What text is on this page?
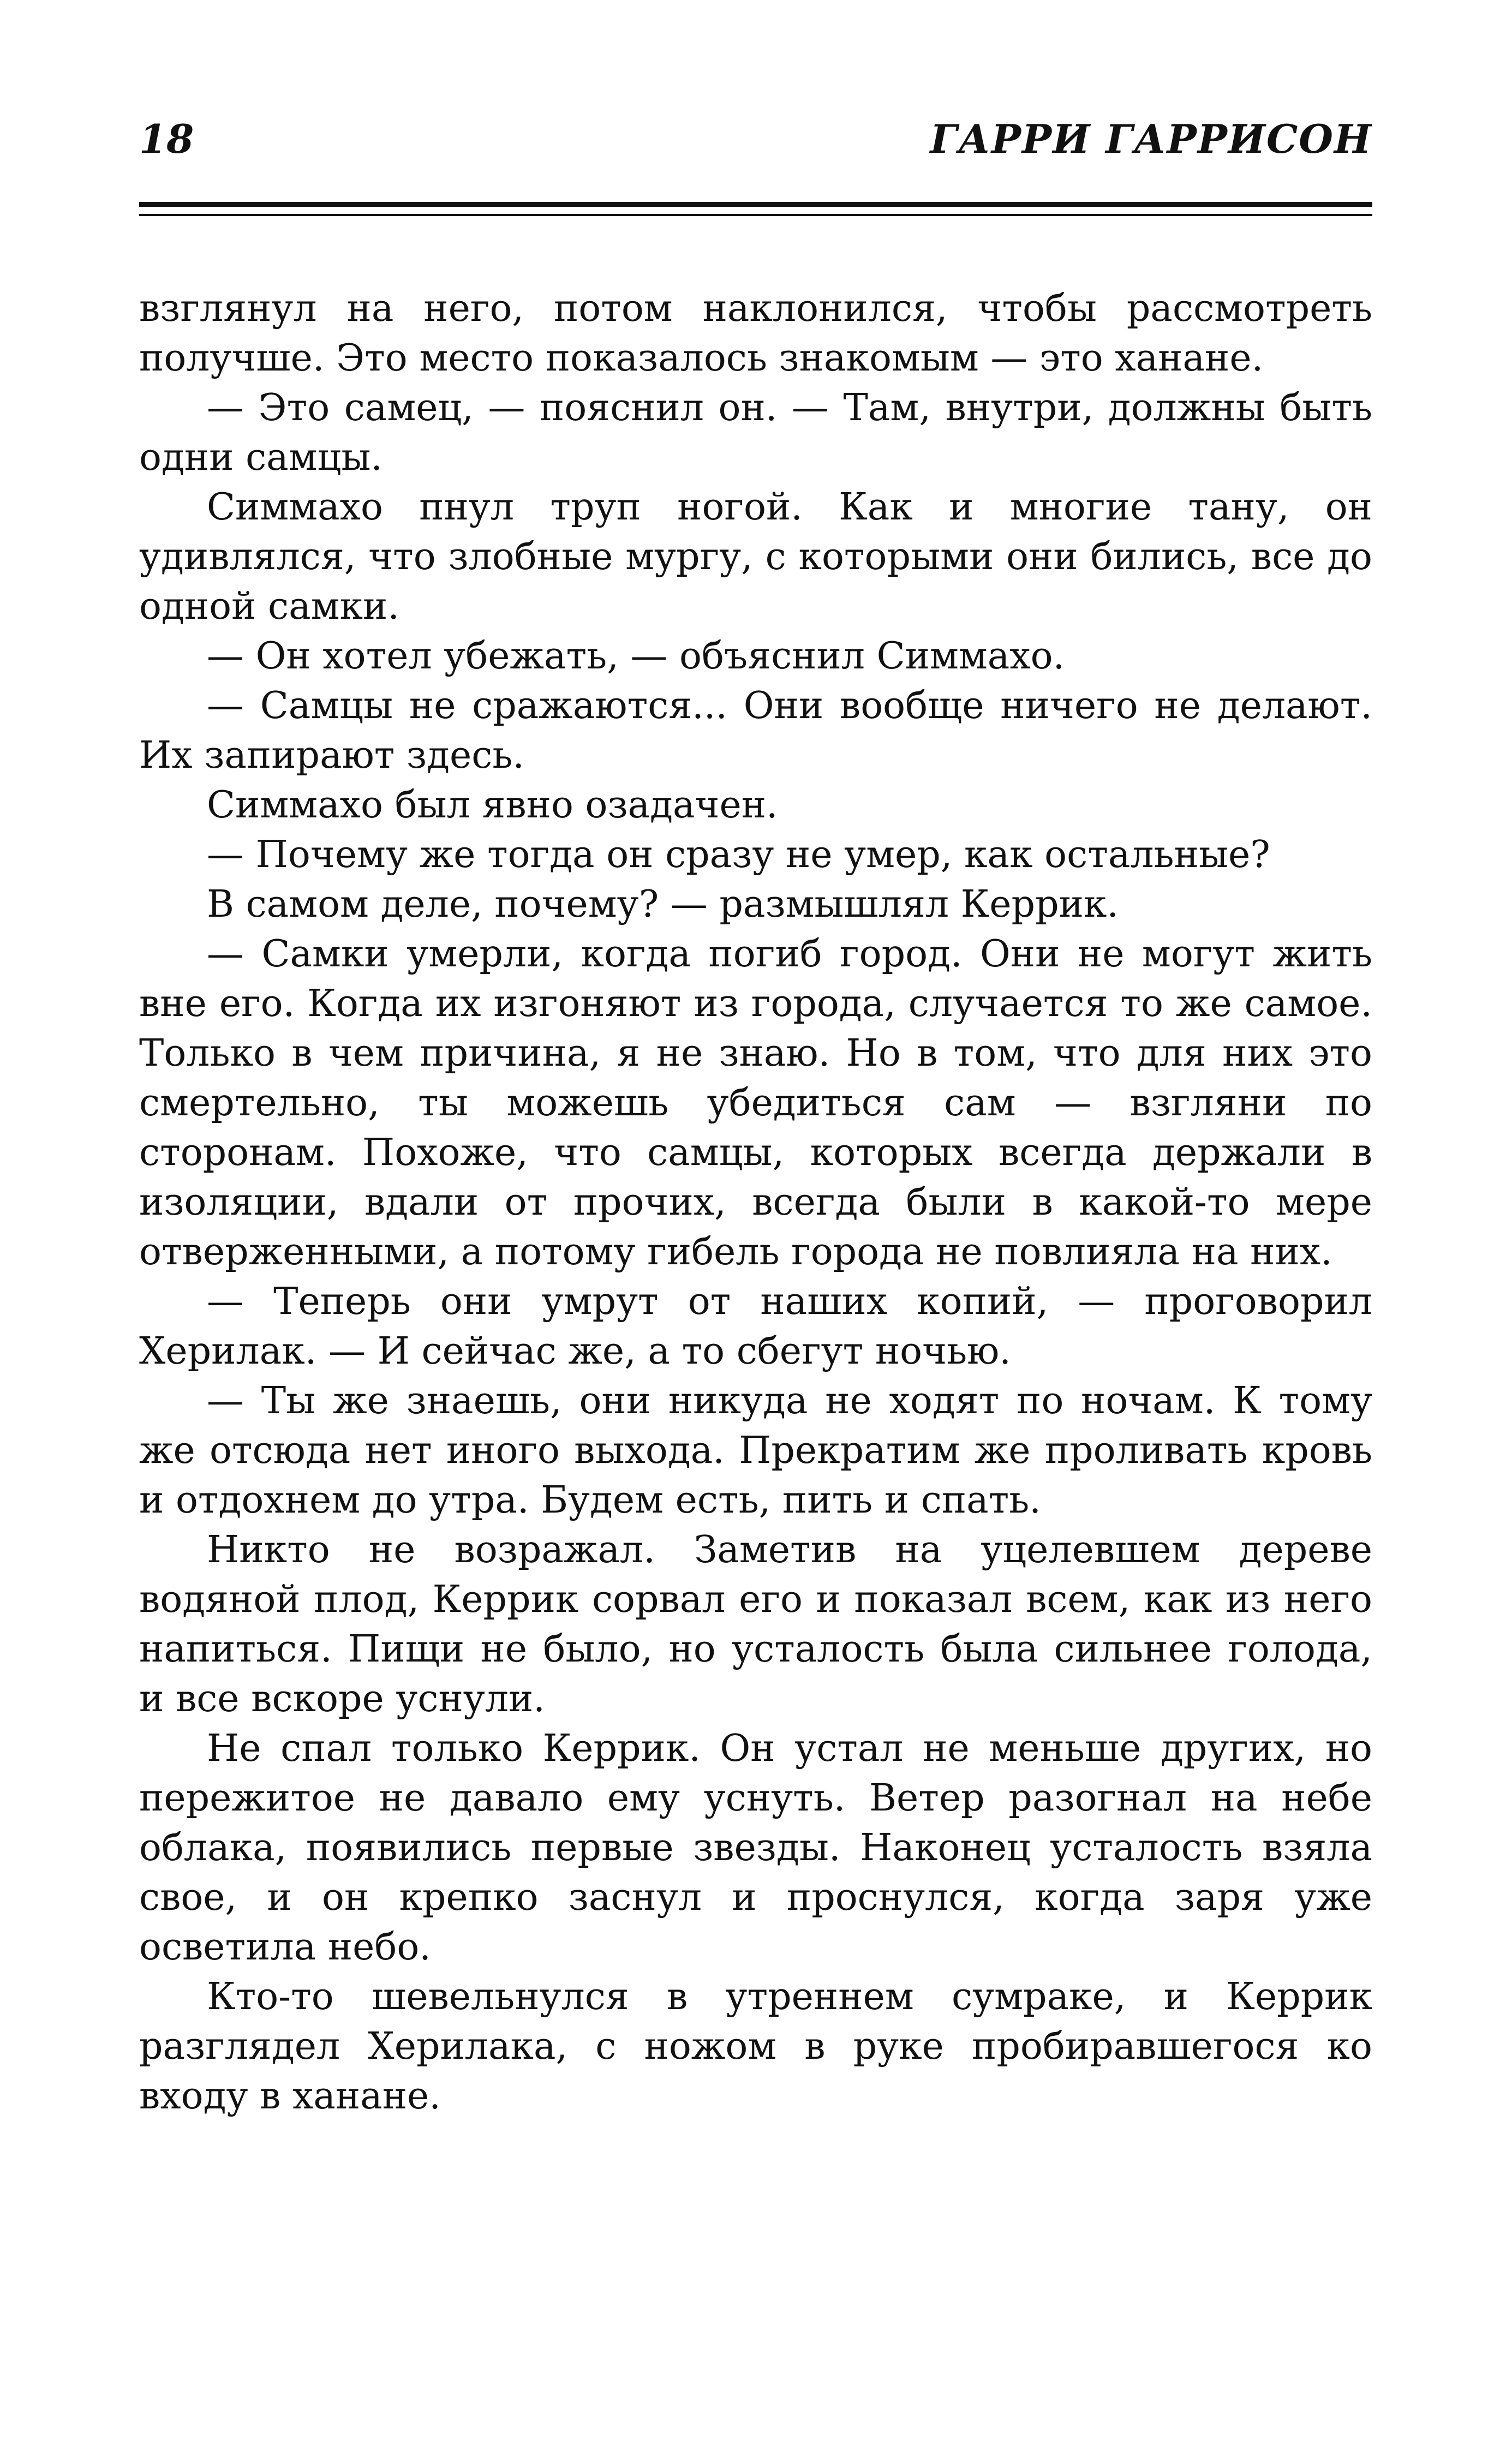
18	ГАРРИ ГАРРИСОН

взглянул на него, потом наклонился, чтобы рассмотреть получше. Это место показалось знакомым — это ханане.

— Это самец, — пояснил он. — Там, внутри, должны быть одни самцы.

Симмахо пнул труп ногой. Как и многие тану, он удивлялся, что злобные мургу, с которыми они бились, все до одной самки.

— Он хотел убежать, — объяснил Симмахо.

— Самцы не сражаются... Они вообще ничего не делают. Их запирают здесь.

Симмахо был явно озадачен.

— Почему же тогда он сразу не умер, как остальные?

В самом деле, почему? — размышлял Керрик.

— Самки умерли, когда погиб город. Они не могут жить вне его. Когда их изгоняют из города, случается то же самое. Только в чем причина, я не знаю. Но в том, что для них это смертельно, ты можешь убедиться сам — взгляни по сторонам. Похоже, что самцы, которых всегда держали в изоляции, вдали от прочих, всегда были в какой-то мере отверженными, а потому гибель города не повлияла на них.

— Теперь они умрут от наших копий, — проговорил Херилак. — И сейчас же, а то сбегут ночью.

— Ты же знаешь, они никуда не ходят по ночам. К тому же отсюда нет иного выхода. Прекратим же проливать кровь и отдохнем до утра. Будем есть, пить и спать.

Никто не возражал. Заметив на уцелевшем дереве водяной плод, Керрик сорвал его и показал всем, как из него напиться. Пищи не было, но усталость была сильнее голода, и все вскоре уснули.

Не спал только Керрик. Он устал не меньше других, но пережитое не давало ему уснуть. Ветер разогнал на небе облака, появились первые звезды. Наконец усталость взяла свое, и он крепко заснул и проснулся, когда заря уже осветила небо.

Кто-то шевельнулся в утреннем сумраке, и Керрик разглядел Херилака, с ножом в руке пробиравшегося ко входу в ханане.
